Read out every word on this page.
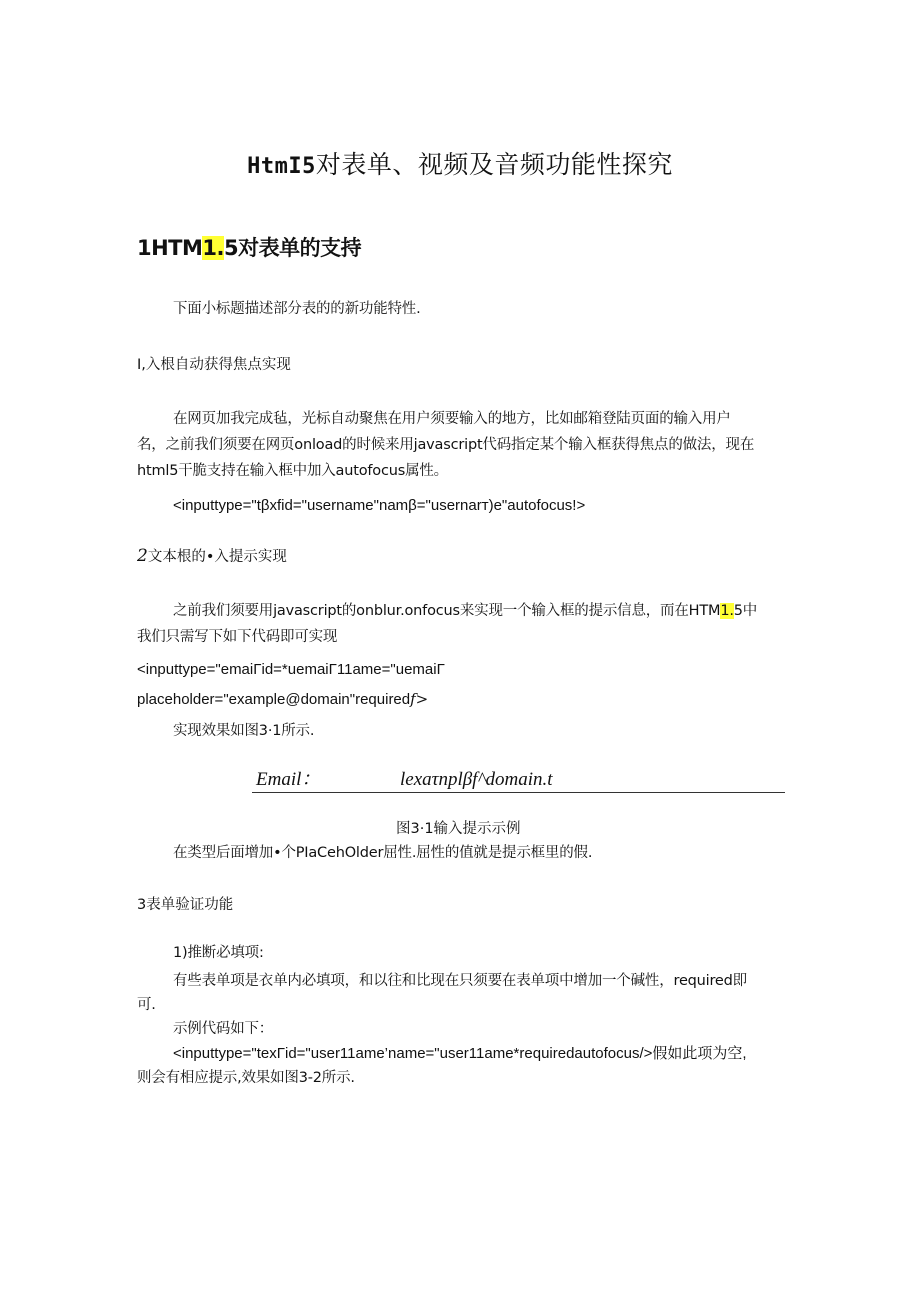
HtmI5对表单、视频及音频功能性探究
1HTM1.5对表单的支持
下面小标题描述部分表的的新功能特性.
I,入根自动获得焦点实现
在网页加我完成毡，光标自动聚焦在用户须要输入的地方，比如邮箱登陆页面的输入用户
名，之前我们须要在网页onload的时候来用javascript代码指定某个输入框获得焦点的做法，现在
html5干脆支持在输入框中加入autofocus属性。
<inputtype="tβxfid="username"namβ="usernarт)e"autofocus!>
2文本根的•入提示实现
之前我们须要用javascript的onblur.onfocus来实现一个输入框的提示信息，而在HTM1.5中
我们只需写下如下代码即可实现
<inputtype="emaiΓid=*uemaiΓ11ame="uemaiΓ
placeholder="example@domain"requiredf>
实现效果如图3·1所示.
Email：	lexaτnplβf^domain.t
图3·1输入提示示例
在类型后面增加•个PIaCehOlder屈性.屈性的值就是提示框里的假.
3表单验证功能
1)推断必填项:
有些表单项是衣单内必填项，和以往和比现在只须要在表单项中增加一个碱性，required即
可.
示例代码如下：
<inputtype="texΓid="user11ame’name="user11ame*requiredautofocus/>假如此项为空,
则会有相应提示,效果如图3-2所示.
